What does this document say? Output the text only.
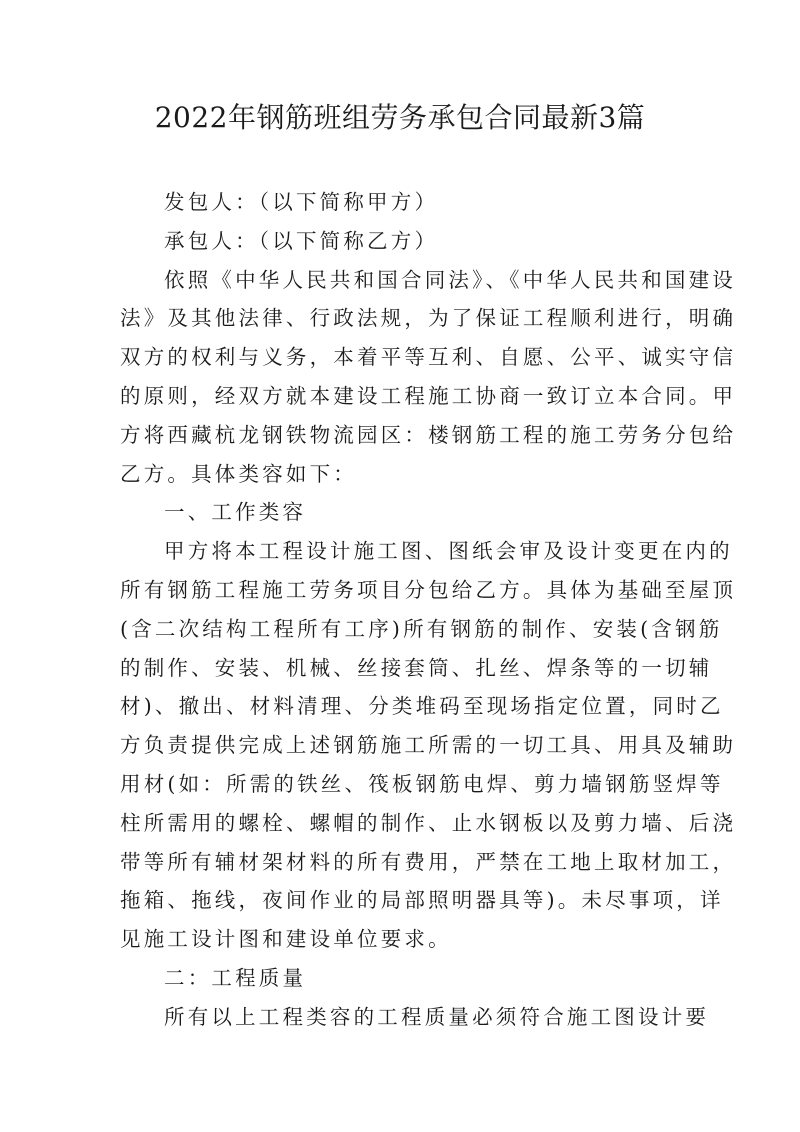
2022年钢筋班组劳务承包合同最新3篇
发包人：（以下简称甲方）
承包人：（以下简称乙方）
依照《中华人民共和国合同法》、《中华人民共和国建设
法》及其他法律、行政法规，为了保证工程顺利进行，明确
双方的权利与义务，本着平等互利、自愿、公平、诚实守信
的原则，经双方就本建设工程施工协商一致订立本合同。甲
方将西藏杭龙钢铁物流园区：楼钢筋工程的施工劳务分包给
乙方。具体类容如下：
一、工作类容
甲方将本工程设计施工图、图纸会审及设计变更在内的
所有钢筋工程施工劳务项目分包给乙方。具体为基础至屋顶
(含二次结构工程所有工序)所有钢筋的制作、安装(含钢筋
的制作、安装、机械、丝接套筒、扎丝、焊条等的一切辅
材)、撤出、材料清理、分类堆码至现场指定位置，同时乙
方负责提供完成上述钢筋施工所需的一切工具、用具及辅助
用材(如：所需的铁丝、筏板钢筋电焊、剪力墙钢筋竖焊等
柱所需用的螺栓、螺帽的制作、止水钢板以及剪力墙、后浇
带等所有辅材架材料的所有费用，严禁在工地上取材加工，
拖箱、拖线，夜间作业的局部照明器具等)。未尽事项，详
见施工设计图和建设单位要求。
二：工程质量
所有以上工程类容的工程质量必须符合施工图设计要
